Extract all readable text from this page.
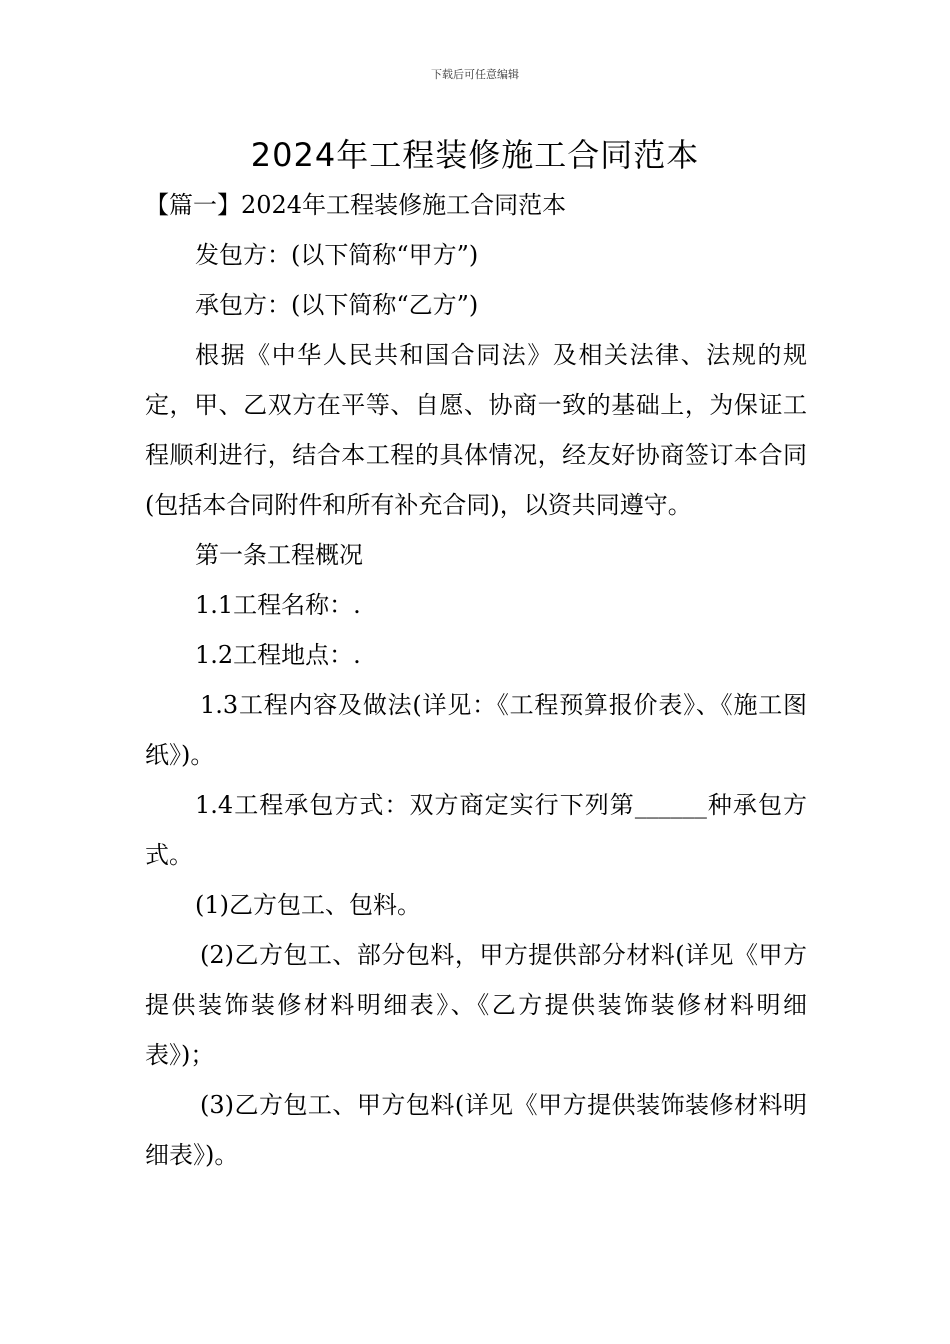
下载后可任意编辑
2024年工程装修施工合同范本

【篇一】2024年工程装修施工合同范本

发包方：(以下简称“甲方”)

承包方：(以下简称“乙方”)

根据《中华人民共和国合同法》及相关法律、法规的规定，甲、乙双方在平等、自愿、协商一致的基础上，为保证工程顺利进行，结合本工程的具体情况，经友好协商签订本合同(包括本合同附件和所有补充合同)，以资共同遵守。

第一条工程概况

1.1工程名称：.

1.2工程地点：.

1.3工程内容及做法(详见：《工程预算报价表》、《施工图纸》)。

1.4工程承包方式：双方商定实行下列第______种承包方式。

(1)乙方包工、包料。

(2)乙方包工、部分包料，甲方提供部分材料(详见《甲方提供装饰装修材料明细表》、《乙方提供装饰装修材料明细表》)；

(3)乙方包工、甲方包料(详见《甲方提供装饰装修材料明细表》)。
